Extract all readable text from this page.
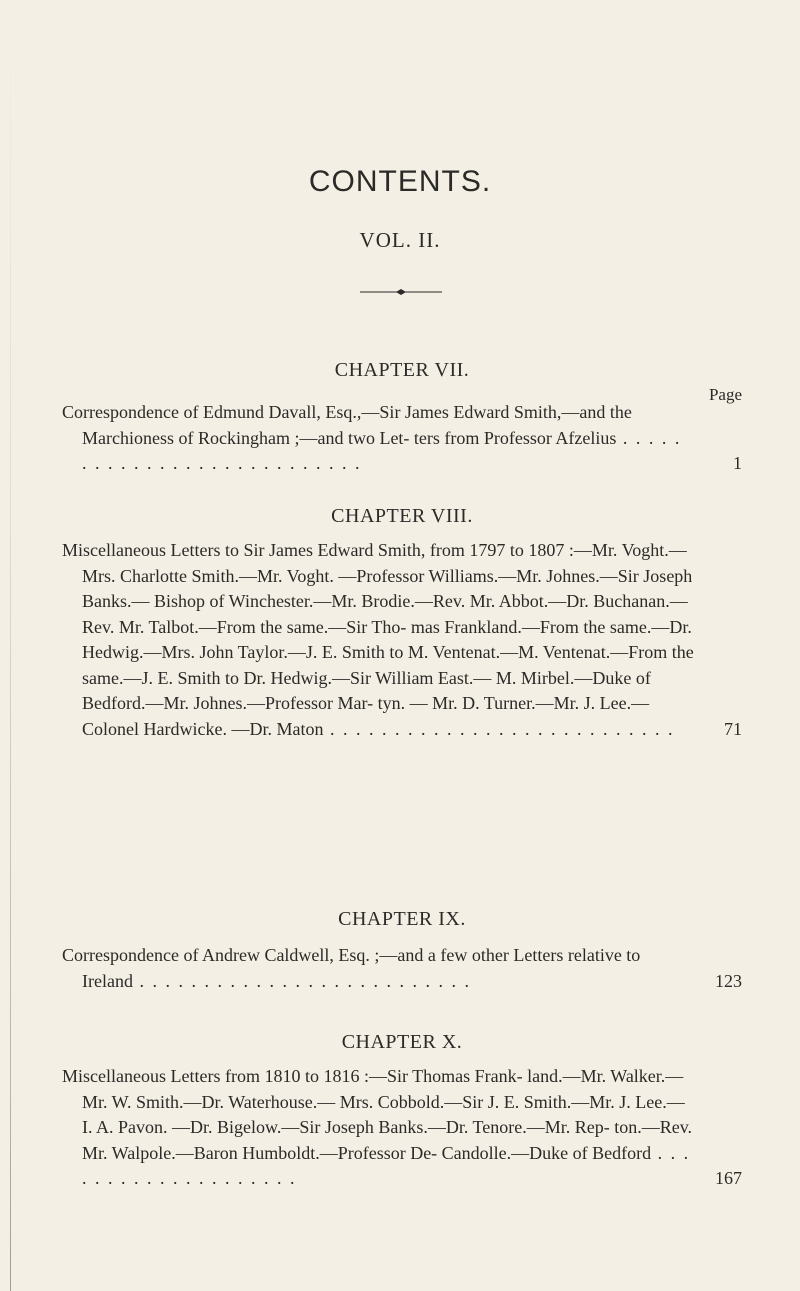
CONTENTS.
VOL. II.
CHAPTER VII.
Page
Correspondence of Edmund Davall, Esq.,—Sir James Edward Smith,—and the Marchioness of Rockingham ;—and two Let- ters from Professor Afzelius . . . . . . . . . . . . . . . . . . . . . . . . . . .	1
CHAPTER VIII.
Miscellaneous Letters to Sir James Edward Smith, from 1797 to 1807 :—Mr. Voght.—Mrs. Charlotte Smith.—Mr. Voght. —Professor Williams.—Mr. Johnes.—Sir Joseph Banks.— Bishop of Winchester.—Mr. Brodie.—Rev. Mr. Abbot.—Dr. Buchanan.—Rev. Mr. Talbot.—From the same.—Sir Tho- mas Frankland.—From the same.—Dr. Hedwig.—Mrs. John Taylor.—J. E. Smith to M. Ventenat.—M. Ventenat.—From the same.—J. E. Smith to Dr. Hedwig.—Sir William East.— M. Mirbel.—Duke of Bedford.—Mr. Johnes.—Professor Mar- tyn. — Mr. D. Turner.—Mr. J. Lee.—Colonel Hardwicke. —Dr. Maton . . . . . . . . . . . . . . . . . . . . . . . . . . .	71
CHAPTER IX.
Correspondence of Andrew Caldwell, Esq. ;—and a few other Letters relative to Ireland . . . . . . . . . . . . . . . . . . . . . . . . . .	123
CHAPTER X.
Miscellaneous Letters from 1810 to 1816 :—Sir Thomas Frank- land.—Mr. Walker.—Mr. W. Smith.—Dr. Waterhouse.— Mrs. Cobbold.—Sir J. E. Smith.—Mr. J. Lee.—I. A. Pavon. —Dr. Bigelow.—Sir Joseph Banks.—Dr. Tenore.—Mr. Rep- ton.—Rev. Mr. Walpole.—Baron Humboldt.—Professor De- Candolle.—Duke of Bedford . . . . . . . . . . . . . . . . . . . .	167
